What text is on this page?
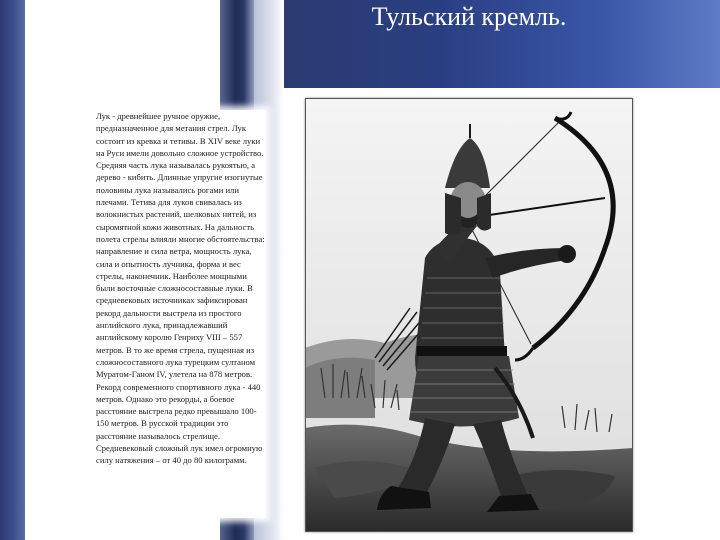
Тульский кремль.

Лук - древнейшее ручное оружие, предназначенное для метания стрел. Лук состоит из кревка и тетивы. В XIV веке луки на Руси имели довольно сложное устройство. Средняя часть лука называлась рукоятью, а дерево - кибить. Длинные упругие изогнутые половины лука назывались рогами или плечами. Тетива для луков свивалась из волокнистых растений, шелковых нитей, из сыромятной кожи животных. На дальность полета стрелы влияли многие обстоятельства: направление и сила ветра, мощность лука, сила и опытность лучника, форма и вес стрелы, наконечник. Наиболее мощными были восточные сложносоставные луки. В средневековых источниках зафиксирован рекорд дальности выстрела из простого английского лука, принадлежавший английскому королю Генриху VIII – 557 метров. В то же время стрела, пущенная из сложносоставного лука турецким султаном Муратом-Ганом IV, улетела на 878 метров. Рекорд современного спортивного лука - 440 метров. Однако это рекорды, а боевое расстояние выстрела редко превышало 100-150 метров. В русской традиции это расстояние называлось стрелище. Средневековый сложный лук имел огромную силу натяжения – от 40 до 80 килограмм.
